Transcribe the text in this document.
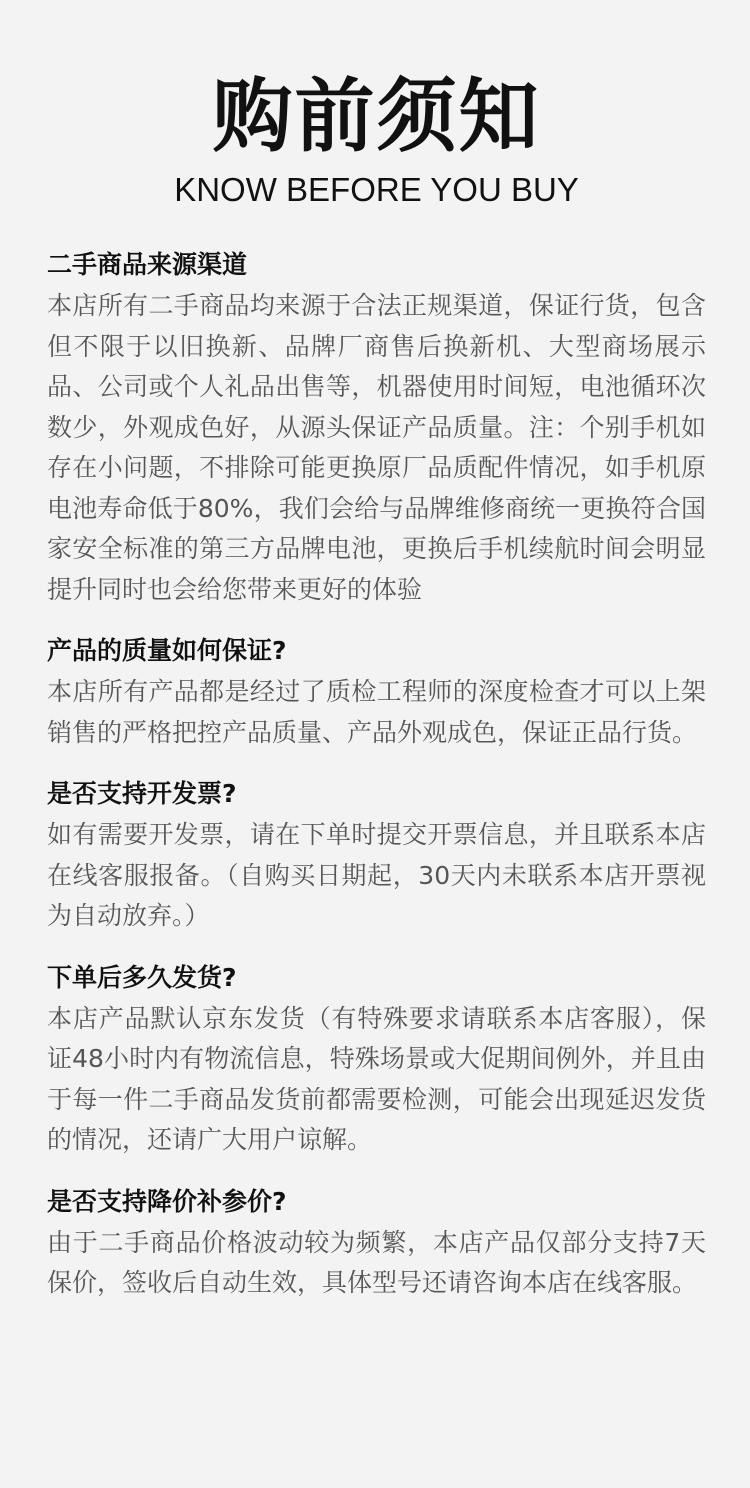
购前须知
KNOW BEFORE YOU BUY
二手商品来源渠道

本店所有二手商品均来源于合法正规渠道，保证行货，包含但不限于以旧换新、品牌厂商售后换新机、大型商场展示品、公司或个人礼品出售等，机器使用时间短，电池循环次数少，外观成色好，从源头保证产品质量。注：个别手机如存在小问题，不排除可能更换原厂品质配件情况，如手机原电池寿命低于80%，我们会给与品牌维修商统一更换符合国家安全标准的第三方品牌电池，更换后手机续航时间会明显提升同时也会给您带来更好的体验

产品的质量如何保证?

本店所有产品都是经过了质检工程师的深度检查才可以上架销售的严格把控产品质量、产品外观成色，保证正品行货。

是否支持开发票?

如有需要开发票，请在下单时提交开票信息，并且联系本店在线客服报备。（自购买日期起，30天内未联系本店开票视为自动放弃。）

下单后多久发货?

本店产品默认京东发货（有特殊要求请联系本店客服），保证48小时内有物流信息，特殊场景或大促期间例外，并且由于每一件二手商品发货前都需要检测，可能会出现延迟发货的情况，还请广大用户谅解。

是否支持降价补参价?

由于二手商品价格波动较为频繁，本店产品仅部分支持7天保价，签收后自动生效，具体型号还请咨询本店在线客服。
